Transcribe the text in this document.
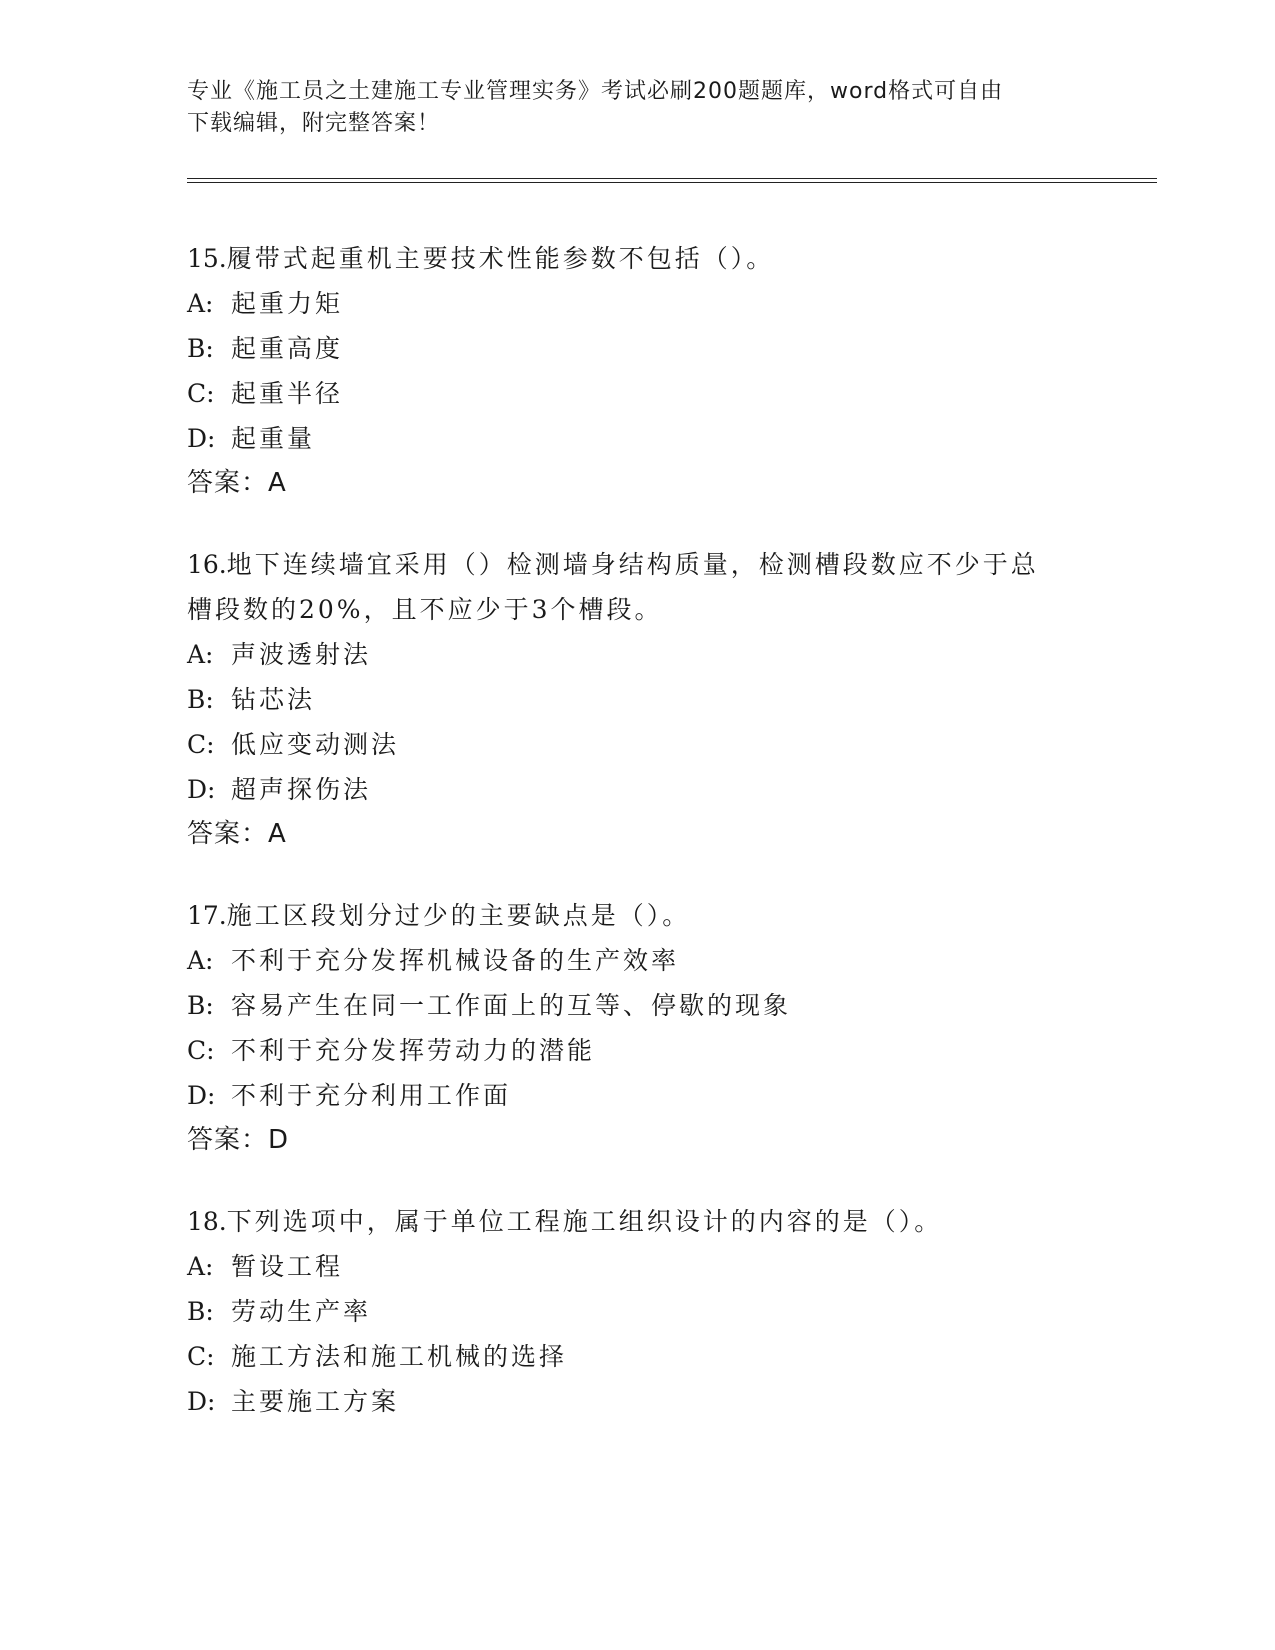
专业《施工员之土建施工专业管理实务》考试必刷200题题库，word格式可自由
下载编辑，附完整答案！
15.履带式起重机主要技术性能参数不包括（）。
A: 起重力矩
B: 起重高度
C: 起重半径
D: 起重量
答案：A
16.地下连续墙宜采用（）检测墙身结构质量，检测槽段数应不少于总
槽段数的20%，且不应少于3个槽段。
A: 声波透射法
B: 钻芯法
C: 低应变动测法
D: 超声探伤法
答案：A
17.施工区段划分过少的主要缺点是（）。
A: 不利于充分发挥机械设备的生产效率
B: 容易产生在同一工作面上的互等、停歇的现象
C: 不利于充分发挥劳动力的潜能
D: 不利于充分利用工作面
答案：D
18.下列选项中，属于单位工程施工组织设计的内容的是（）。
A: 暂设工程
B: 劳动生产率
C: 施工方法和施工机械的选择
D: 主要施工方案
